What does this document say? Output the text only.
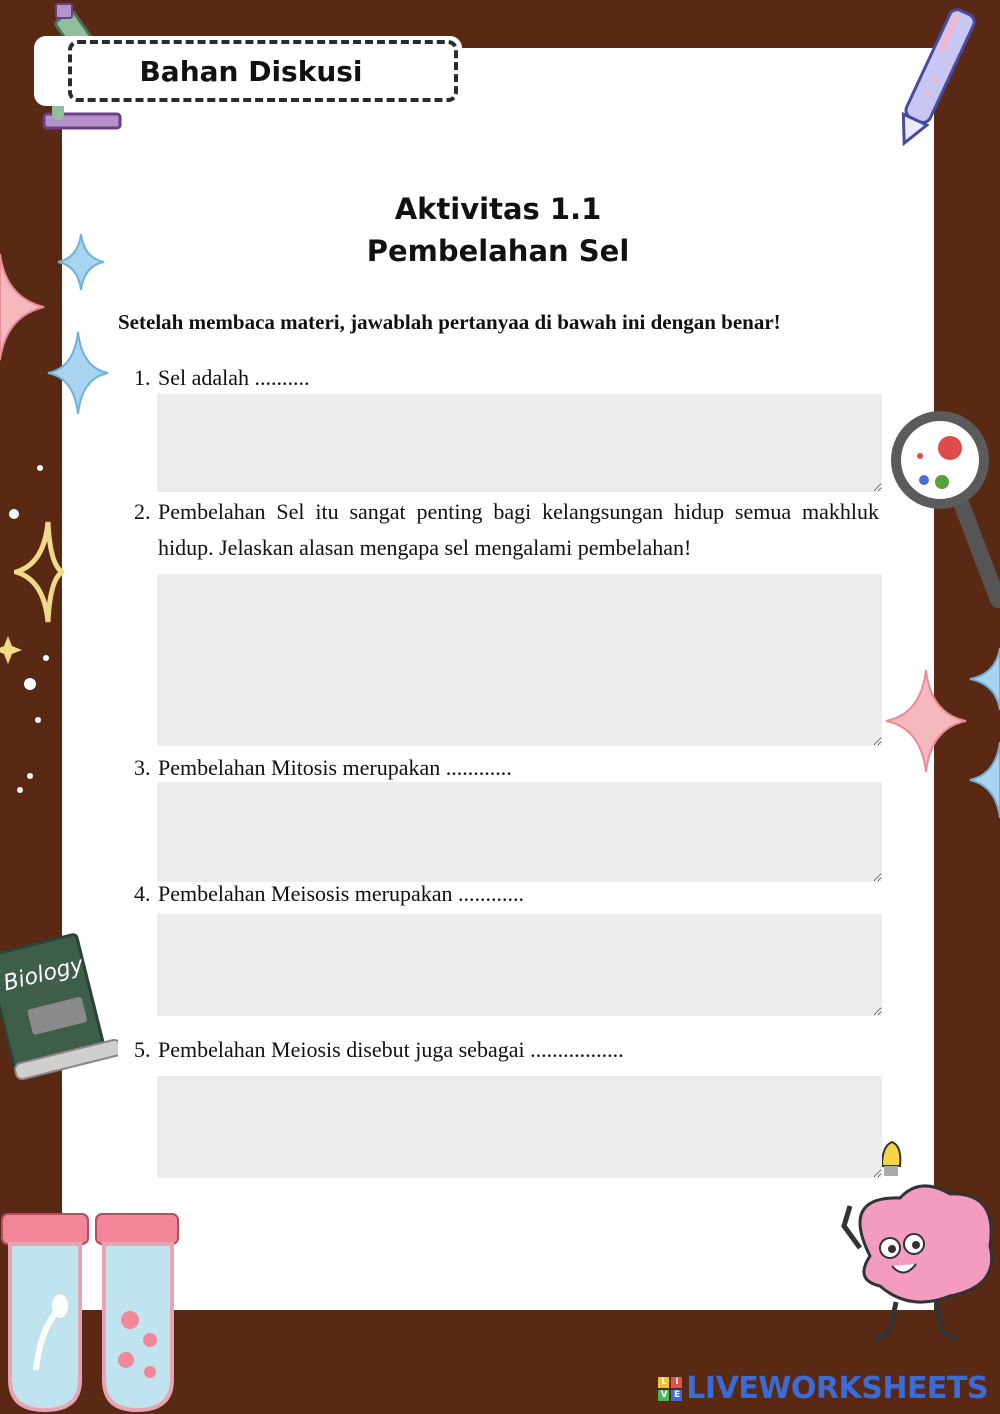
Bahan Diskusi
Biology
Aktivitas 1.1
Pembelahan Sel
Setelah membaca materi, jawablah pertanyaa di bawah ini dengan benar!
1. Sel adalah ..........
2. Pembelahan Sel itu sangat penting bagi kelangsungan hidup semua makhluk hidup. Jelaskan alasan mengapa sel mengalami pembelahan!
3. Pembelahan Mitosis merupakan ............
4. Pembelahan Meisosis merupakan ............
5. Pembelahan Meiosis disebut juga sebagai .................
L I
V E LIVEWORKSHEETS
